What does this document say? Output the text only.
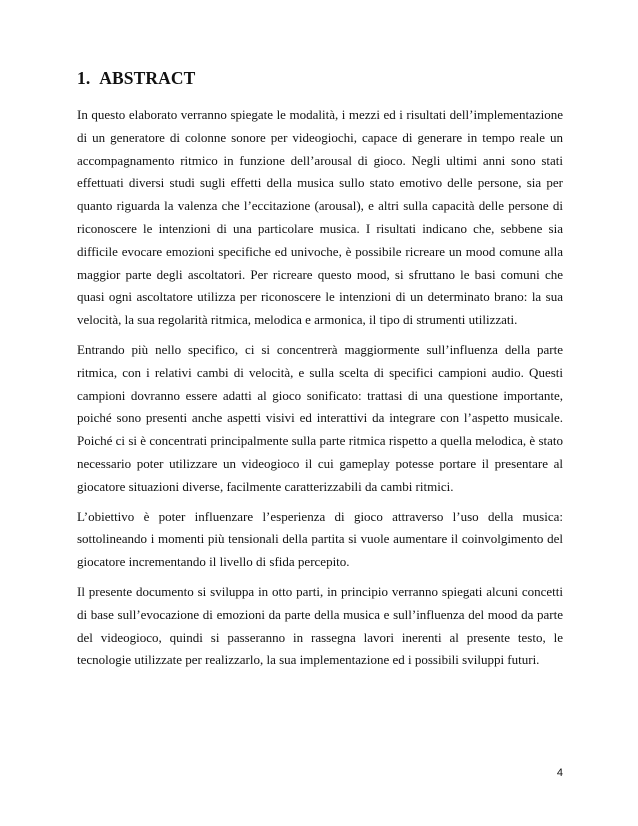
1. ABSTRACT

In questo elaborato verranno spiegate le modalità, i mezzi ed i risultati dell’implementazione di un generatore di colonne sonore per videogiochi, capace di generare in tempo reale un accompagnamento ritmico in funzione dell’arousal di gioco. Negli ultimi anni sono stati effettuati diversi studi sugli effetti della musica sullo stato emotivo delle persone, sia per quanto riguarda la valenza che l’eccitazione (arousal), e altri sulla capacità delle persone di riconoscere le intenzioni di una particolare musica. I risultati indicano che, sebbene sia difficile evocare emozioni specifiche ed univoche, è possibile ricreare un mood comune alla maggior parte degli ascoltatori. Per ricreare questo mood, si sfruttano le basi comuni che quasi ogni ascoltatore utilizza per riconoscere le intenzioni di un determinato brano: la sua velocità, la sua regolarità ritmica, melodica e armonica, il tipo di strumenti utilizzati.

Entrando più nello specifico, ci si concentrerà maggiormente sull’influenza della parte ritmica, con i relativi cambi di velocità, e sulla scelta di specifici campioni audio. Questi campioni dovranno essere adatti al gioco sonificato: trattasi di una questione importante, poiché sono presenti anche aspetti visivi ed interattivi da integrare con l’aspetto musicale. Poiché ci si è concentrati principalmente sulla parte ritmica rispetto a quella melodica, è stato necessario poter utilizzare un videogioco il cui gameplay potesse portare il presentare al giocatore situazioni diverse, facilmente caratterizzabili da cambi ritmici.

L’obiettivo è poter influenzare l’esperienza di gioco attraverso l’uso della musica: sottolineando i momenti più tensionali della partita si vuole aumentare il coinvolgimento del giocatore incrementando il livello di sfida percepito.

Il presente documento si sviluppa in otto parti, in principio verranno spiegati alcuni concetti di base sull’evocazione di emozioni da parte della musica e sull’influenza del mood da parte del videogioco, quindi si passeranno in rassegna lavori inerenti al presente testo, le tecnologie utilizzate per realizzarlo, la sua implementazione ed i possibili sviluppi futuri.

4
